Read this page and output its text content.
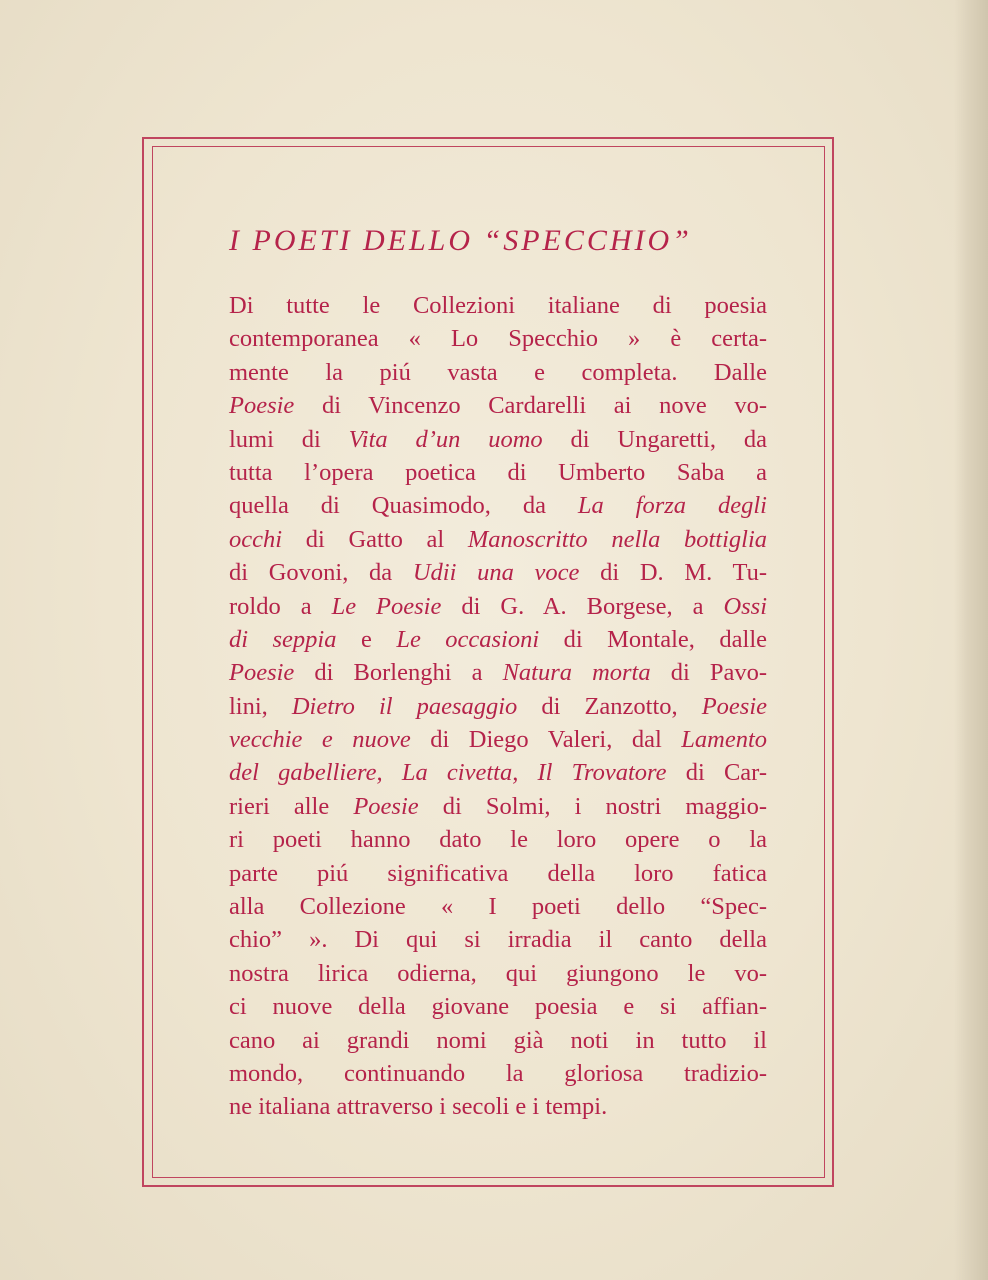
I POETI DELLO “SPECCHIO”
Di tutte le Collezioni italiane di poesia
contemporanea « Lo Specchio » è certa-
mente la piú vasta e completa. Dalle
Poesie di Vincenzo Cardarelli ai nove vo-
lumi di Vita d’un uomo di Ungaretti, da
tutta l’opera poetica di Umberto Saba a
quella di Quasimodo, da La forza degli
occhi di Gatto al Manoscritto nella bottiglia
di Govoni, da Udii una voce di D. M. Tu-
roldo a Le Poesie di G. A. Borgese, a Ossi
di seppia e Le occasioni di Montale, dalle
Poesie di Borlenghi a Natura morta di Pavo-
lini, Dietro il paesaggio di Zanzotto, Poesie
vecchie e nuove di Diego Valeri, dal Lamento
del gabelliere, La civetta, Il Trovatore di Car-
rieri alle Poesie di Solmi, i nostri maggio-
ri poeti hanno dato le loro opere o la
parte piú significativa della loro fatica
alla Collezione « I poeti dello “Spec-
chio” ». Di qui si irradia il canto della
nostra lirica odierna, qui giungono le vo-
ci nuove della giovane poesia e si affian-
cano ai grandi nomi già noti in tutto il
mondo, continuando la gloriosa tradizio-
ne italiana attraverso i secoli e i tempi.
